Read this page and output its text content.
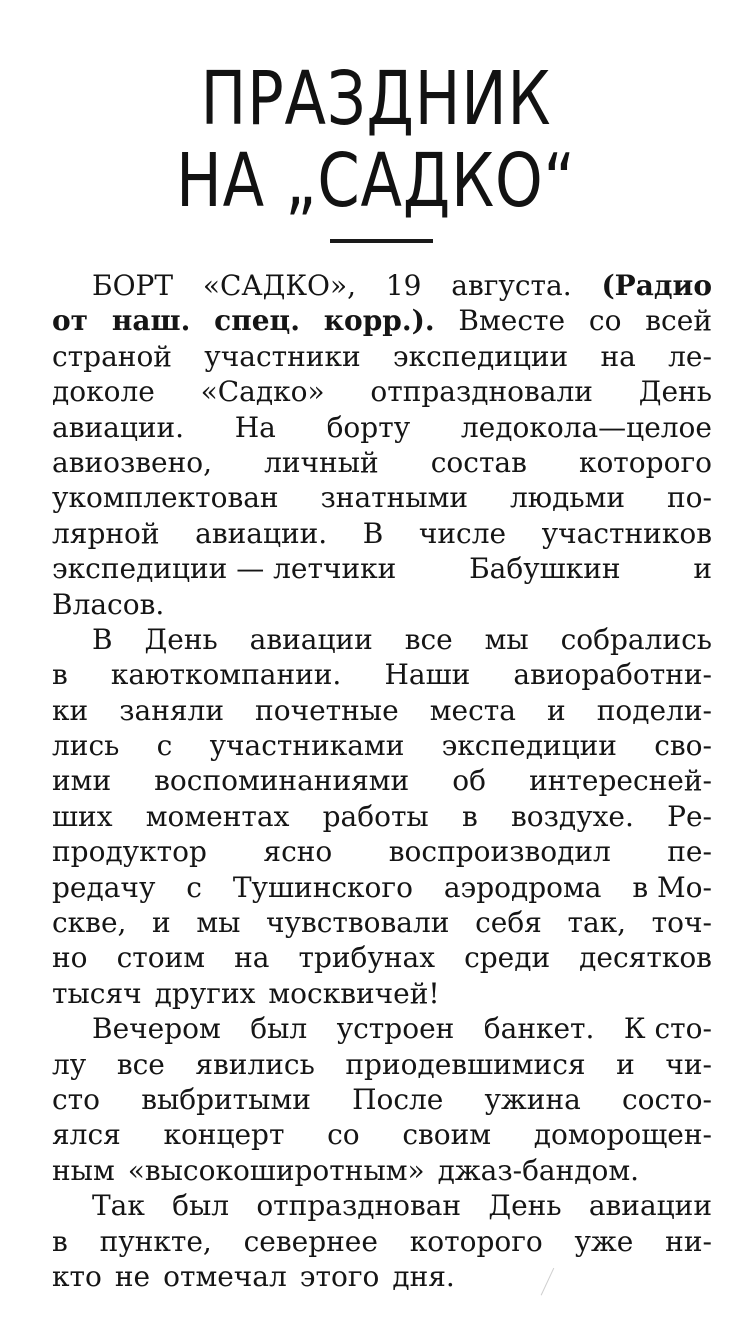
ПРАЗДНИК
НА „САДКО“
БОРТ «САДКО», 19 августа. (Радио
от наш. спец. корр.). Вместе со всей
страной участники экспедиции на ле-
доколе «Садко» отпраздновали День
авиации. На борту ледокола—целое
авиозвено, личный состав которого
укомплектован знатными людьми по-
лярной авиации. В числе участников
экспедиции — летчики	Бабушкин	и
Власов.
В День авиации все мы собрались
в каюткомпании. Наши авиоработни-
ки заняли почетные места и подели-
лись с участниками экспедиции сво-
ими воспоминаниями об интересней-
ших моментах работы в воздухе. Ре-
продуктор ясно воспроизводил пе-
редачу с Тушинского аэродрома в Мо-
скве, и мы чувствовали себя так, точ-
но стоим на трибунах среди десятков
тысяч других москвичей!
Вечером был устроен банкет. К сто-
лу все явились приодевшимися и чи-
сто выбритыми После ужина состо-
ялся концерт со своим доморощен-
ным «высокоширотным» джаз-бандом.
Так был отпразднован День авиации
в пункте, севернее которого уже ни-
кто не отмечал этого дня.
